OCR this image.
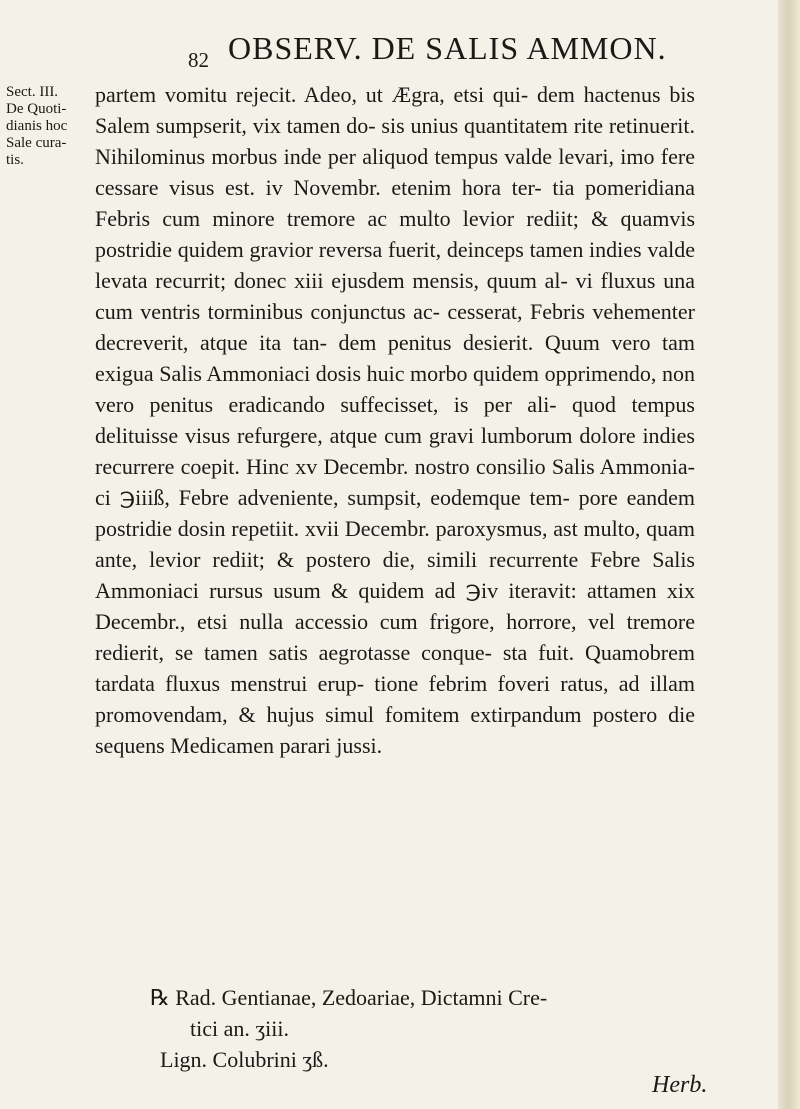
82 OBSERV. DE SALIS AMMON.
Sect. III.
De Quoti-
dianis hoc
Sale cura-
tis.

partem vomitu rejecit. Adeo, ut Ægra, etsi qui- dem hactenus bis Salem sumpserit, vix tamen do- sis unius quantitatem rite retinuerit. Nihilominus morbus inde per aliquod tempus valde levari, imo fere cessare visus est. iv Novembr. etenim hora ter- tia pomeridiana Febris cum minore tremore ac multo levior rediit; & quamvis postridie quidem gravior reversa fuerit, deinceps tamen indies valde levata recurrit; donec xiii ejusdem mensis, quum al- vi fluxus una cum ventris torminibus conjunctus ac- cesserat, Febris vehementer decreverit, atque ita tan- dem penitus desierit. Quum vero tam exigua Salis Ammoniaci dosis huic morbo quidem opprimendo, non vero penitus eradicando suffecisset, is per ali- quod tempus delituisse visus refurgere, atque cum gravi lumborum dolore indies recurrere coepit. Hinc xv Decembr. nostro consilio Salis Ammonia- ci ℈iiiß, Febre adveniente, sumpsit, eodemque tem- pore eandem postridie dosin repetiit. xvii Decembr. paroxysmus, ast multo, quam ante, levior rediit; & postero die, simili recurrente Febre Salis Ammoniaci rursus usum & quidem ad ℈iv iteravit: attamen xix Decembr., etsi nulla accessio cum frigore, horrore, vel tremore redierit, se tamen satis aegrotasse conque- sta fuit. Quamobrem tardata fluxus menstrui erup- tione febrim foveri ratus, ad illam promovendam, & hujus simul fomitem extirpandum postero die sequens Medicamen parari jussi.

℞ Rad. Gentianae, Zedoariae, Dictamni Cre-
tici an. ʒiii.
Lign. Colubrini ʒß.
Herb.
